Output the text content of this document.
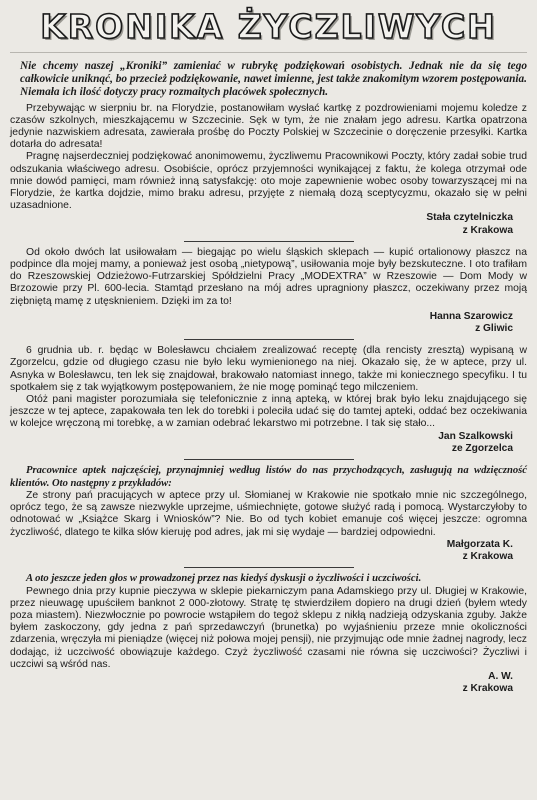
KRONIKA ŻYCZLIWYCH

Nie chcemy naszej „Kroniki” zamieniać w rubrykę podziękowań osobistych. Jednak nie da się tego całkowicie uniknąć, bo przecież podziękowanie, nawet imienne, jest także znakomitym wzorem postępowania. Niemała ich ilość dotyczy pracy rozmaitych placówek społecznych.

Przebywając w sierpniu br. na Florydzie, postanowiłam wysłać kartkę z pozdrowieniami mojemu koledze z czasów szkolnych, mieszkającemu w Szczecinie. Sęk w tym, że nie znałam jego adresu. Kartka opatrzona jedynie nazwiskiem adresata, zawierała prośbę do Poczty Polskiej w Szczecinie o doręczenie przesyłki. Kartka dotarła do adresata!

Pragnę najserdeczniej podziękować anonimowemu, życzliwemu Pracownikowi Poczty, który zadał sobie trud odszukania właściwego adresu. Osobiście, oprócz przyjemności wynikającej z faktu, że kolega otrzymał ode mnie dowód pamięci, mam również inną satysfakcję: oto moje zapewnienie wobec osoby towarzyszącej mi na Florydzie, że kartka dojdzie, mimo braku adresu, przyjęte z niemałą dozą sceptycyzmu, okazało się w pełni uzasadnione.

Stała czytelniczka
z Krakowa

Od około dwóch lat usiłowałam — biegając po wielu śląskich sklepach — kupić ortalionowy płaszcz na podpince dla mojej mamy, a ponieważ jest osobą „nietypową”, usiłowania moje były bezskuteczne. I oto trafiłam do Rzeszowskiej Odzieżowo-Futrzarskiej Spółdzielni Pracy „MODEXTRA” w Rzeszowie — Dom Mody w Brzozowie przy Pl. 600-lecia. Stamtąd przesłano na mój adres upragniony płaszcz, oczekiwany przez moją ziębniętą mamę z utęsknieniem. Dzięki im za to!

Hanna Szarowicz
z Gliwic

6 grudnia ub. r. będąc w Bolesławcu chciałem zrealizować receptę (dla rencisty zresztą) wypisaną w Zgorzelcu, gdzie od długiego czasu nie było leku wymienionego na niej. Okazało się, że w aptece, przy ul. Asnyka w Bolesławcu, ten lek się znajdował, brakowało natomiast innego, także mi koniecznego specyfiku. I tu spotkałem się z tak wyjątkowym postępowaniem, że nie mogę pominąć tego milczeniem.

Otóż pani magister porozumiała się telefonicznie z inną apteką, w której brak było leku znajdującego się jeszcze w tej aptece, zapakowała ten lek do torebki i poleciła udać się do tamtej apteki, oddać bez oczekiwania w kolejce wręczoną mi torebkę, a w zamian odebrać lekarstwo mi potrzebne. I tak się stało...

Jan Szalkowski
ze Zgorzelca

Pracownice aptek najczęściej, przynajmniej według listów do nas przychodzących, zasługują na wdzięczność klientów. Oto następny z przykładów:

Ze strony pań pracujących w aptece przy ul. Słomianej w Krakowie nie spotkało mnie nic szczególnego, oprócz tego, że są zawsze niezwykle uprzejme, uśmiechnięte, gotowe służyć radą i pomocą. Wystarczyłoby to odnotować w „Książce Skarg i Wniosków”? Nie. Bo od tych kobiet emanuje coś więcej jeszcze: ogromna życzliwość, dlatego te kilka słów kieruję pod adres, jak mi się wydaje — bardziej odpowiedni.

Małgorzata K.
z Krakowa

A oto jeszcze jeden głos w prowadzonej przez nas kiedyś dyskusji o życzliwości i uczciwości.

Pewnego dnia przy kupnie pieczywa w sklepie piekarniczym pana Adamskiego przy ul. Długiej w Krakowie, przez nieuwagę upuściłem banknot 2 000-złotowy. Stratę tę stwierdziłem dopiero na drugi dzień (byłem wtedy poza miastem). Niezwłocznie po powrocie wstąpiłem do tegoż sklepu z nikłą nadzieją odzyskania zguby. Jakże byłem zaskoczony, gdy jedna z pań sprzedawczyń (brunetka) po wyjaśnieniu przeze mnie okoliczności zdarzenia, wręczyła mi pieniądze (więcej niż połowa mojej pensji), nie przyjmując ode mnie żadnej nagrody, lecz dodając, iż uczciwość obowiązuje każdego. Czyż życzliwość czasami nie równa się uczciwości? Życzliwi i uczciwi są wśród nas.

A. W.
z Krakowa
